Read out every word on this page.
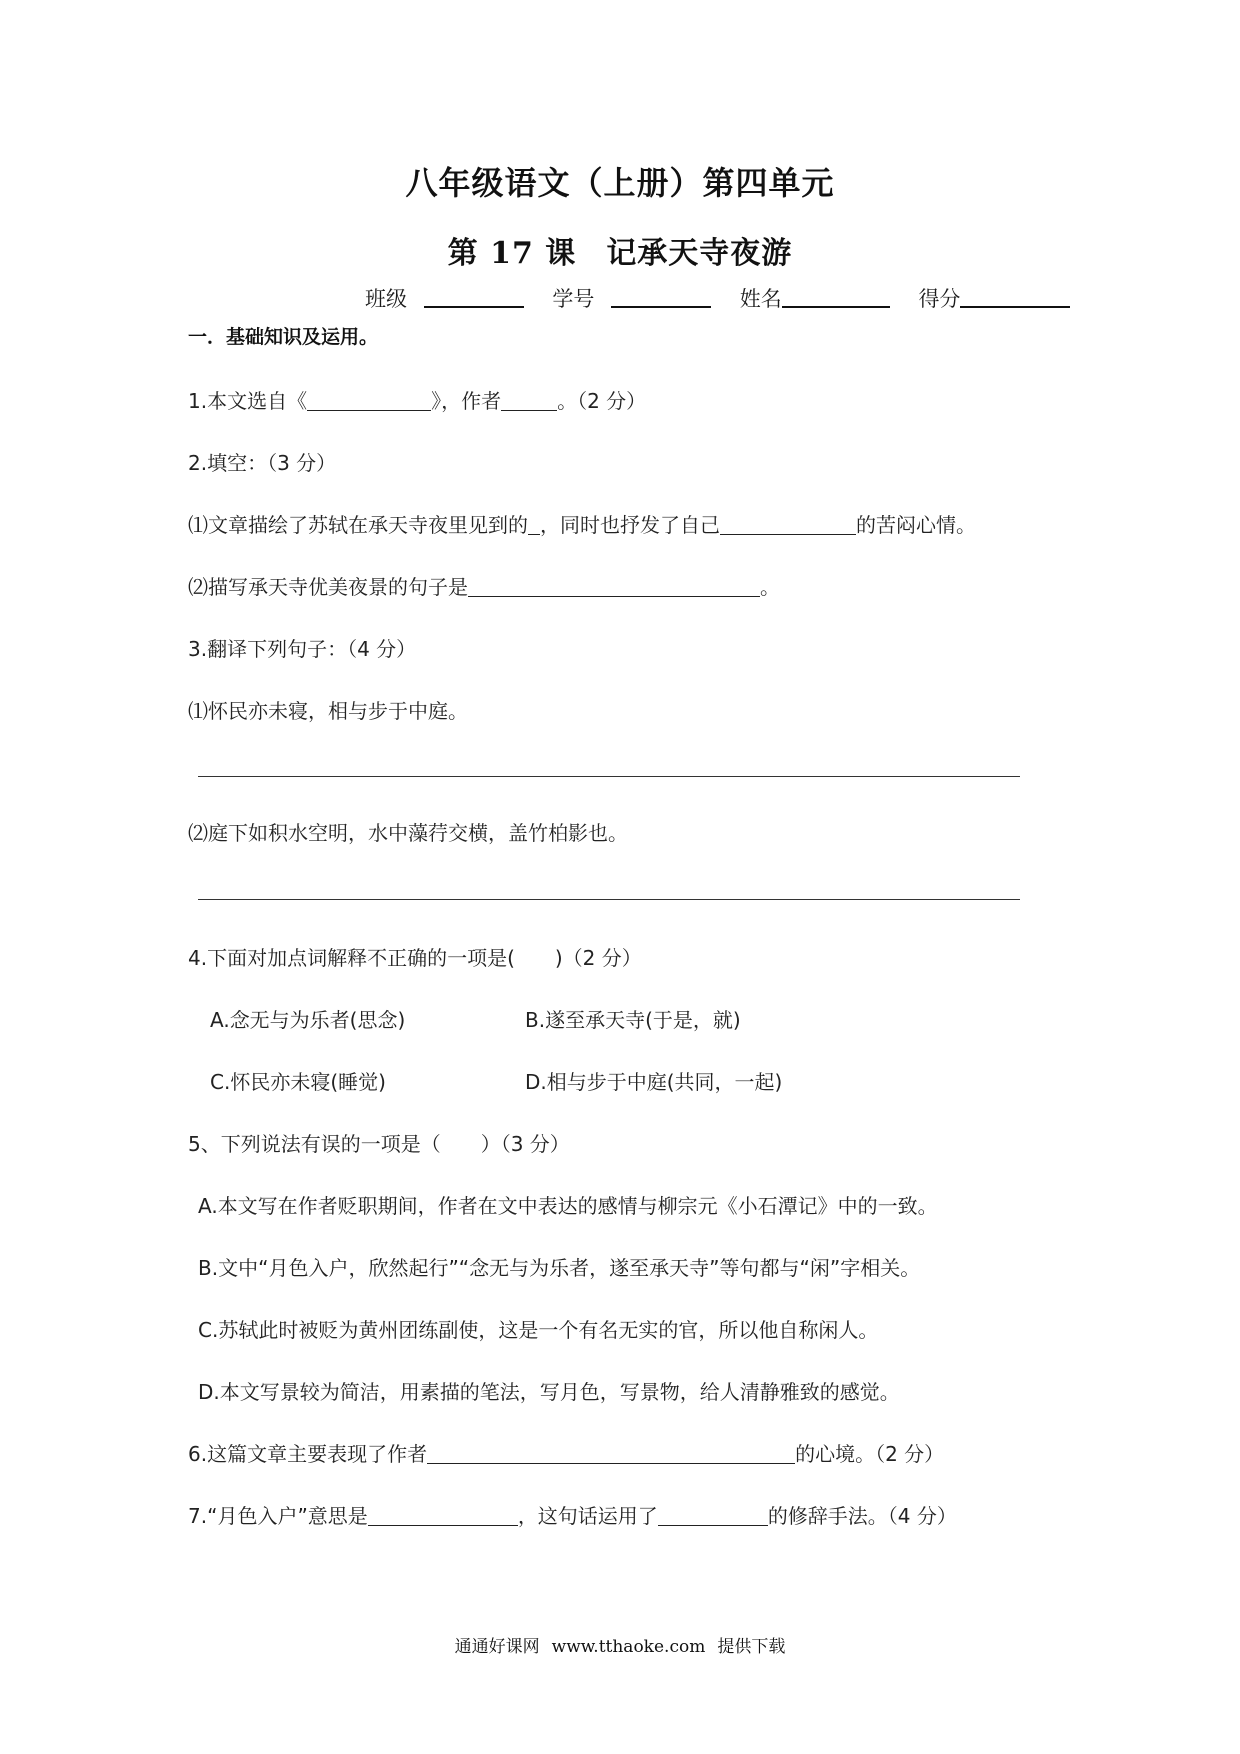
八年级语文（上册）第四单元
第 17 课 记承天寺夜游
班级	学号	姓名	得分
一．基础知识及运用。
1.本文选自《	》，作者	。（2 分）
2.填空：（3 分）
⑴文章描绘了苏轼在承天寺夜里见到的 ，同时也抒发了自己	的苦闷心情。
⑵描写承天寺优美夜景的句子是	。
3.翻译下列句子：（4 分）
⑴怀民亦未寝，相与步于中庭。
⑵庭下如积水空明，水中藻荇交横，盖竹柏影也。
4.下面对加点词解释不正确的一项是(　　)（2 分）
A.念无与为乐者(思念)	B.遂至承天寺(于是，就)
C.怀民亦未寝(睡觉)	D.相与步于中庭(共同，一起)
5、下列说法有误的一项是（　　）（3 分）
A.本文写在作者贬职期间，作者在文中表达的感情与柳宗元《小石潭记》中的一致。
B.文中“月色入户，欣然起行”“念无与为乐者，遂至承天寺”等句都与“闲”字相关。
C.苏轼此时被贬为黄州团练副使，这是一个有名无实的官，所以他自称闲人。
D.本文写景较为简洁，用素描的笔法，写月色，写景物，给人清静雅致的感觉。
6.这篇文章主要表现了作者	的心境。（2 分）
7.“月色入户”意思是	，这句话运用了	的修辞手法。（4 分）
通通好课网 www.tthaoke.com 提供下载
